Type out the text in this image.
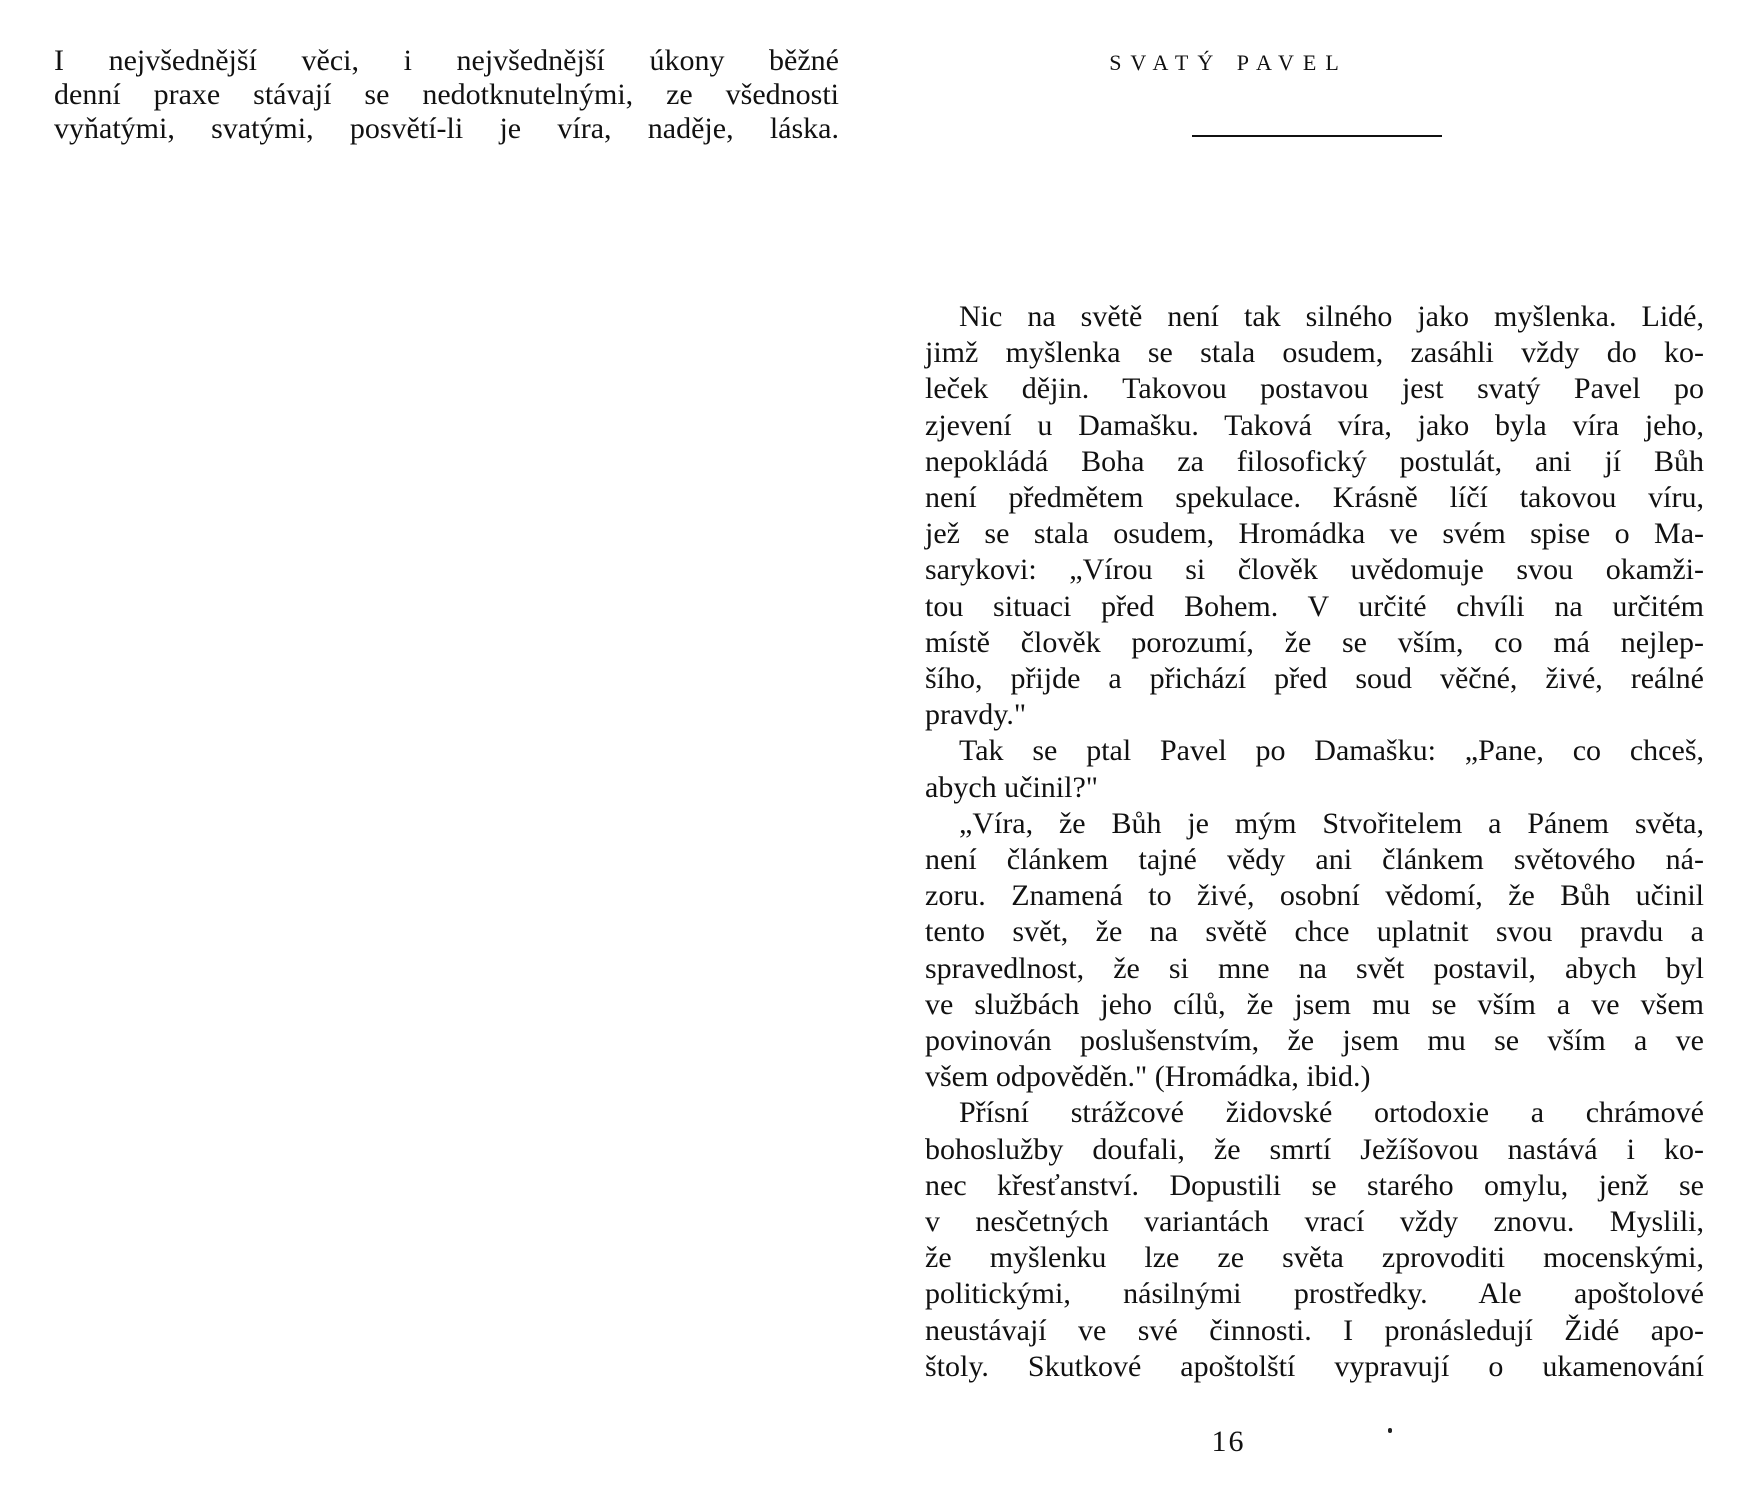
I nejvšednější věci, i nejvšednější úkony běžné
denní praxe stávají se nedotknutelnými, ze všednosti
vyňatými, svatými, posvětí-li je víra, naděje, láska.
SVATÝ PAVEL
Nic na světě není tak silného jako myšlenka. Lidé,
jimž myšlenka se stala osudem, zasáhli vždy do ko-
leček dějin. Takovou postavou jest svatý Pavel po
zjevení u Damašku. Taková víra, jako byla víra jeho,
nepokládá Boha za filosofický postulát, ani jí Bůh
není předmětem spekulace. Krásně líčí takovou víru,
jež se stala osudem, Hromádka ve svém spise o Ma-
sarykovi: „Vírou si člověk uvědomuje svou okamži-
tou situaci před Bohem. V určité chvíli na určitém
místě člověk porozumí, že se vším, co má nejlep-
šího, přijde a přichází před soud věčné, živé, reálné
pravdy."
Tak se ptal Pavel po Damašku: „Pane, co chceš,
abych učinil?"
„Víra, že Bůh je mým Stvořitelem a Pánem světa,
není článkem tajné vědy ani článkem světového ná-
zoru. Znamená to živé, osobní vědomí, že Bůh učinil
tento svět, že na světě chce uplatnit svou pravdu a
spravedlnost, že si mne na svět postavil, abych byl
ve službách jeho cílů, že jsem mu se vším a ve všem
povinován poslušenstvím, že jsem mu se vším a ve
všem odpověděn." (Hromádka, ibid.)
Přísní strážcové židovské ortodoxie a chrámové
bohoslužby doufali, že smrtí Ježíšovou nastává i ko-
nec křesťanství. Dopustili se starého omylu, jenž se
v nesčetných variantách vrací vždy znovu. Myslili,
že myšlenku lze ze světa zprovoditi mocenskými,
politickými, násilnými prostředky. Ale apoštolové
neustávají ve své činnosti. I pronásledují Židé apo-
štoly. Skutkové apoštolští vypravují o ukamenování
16
